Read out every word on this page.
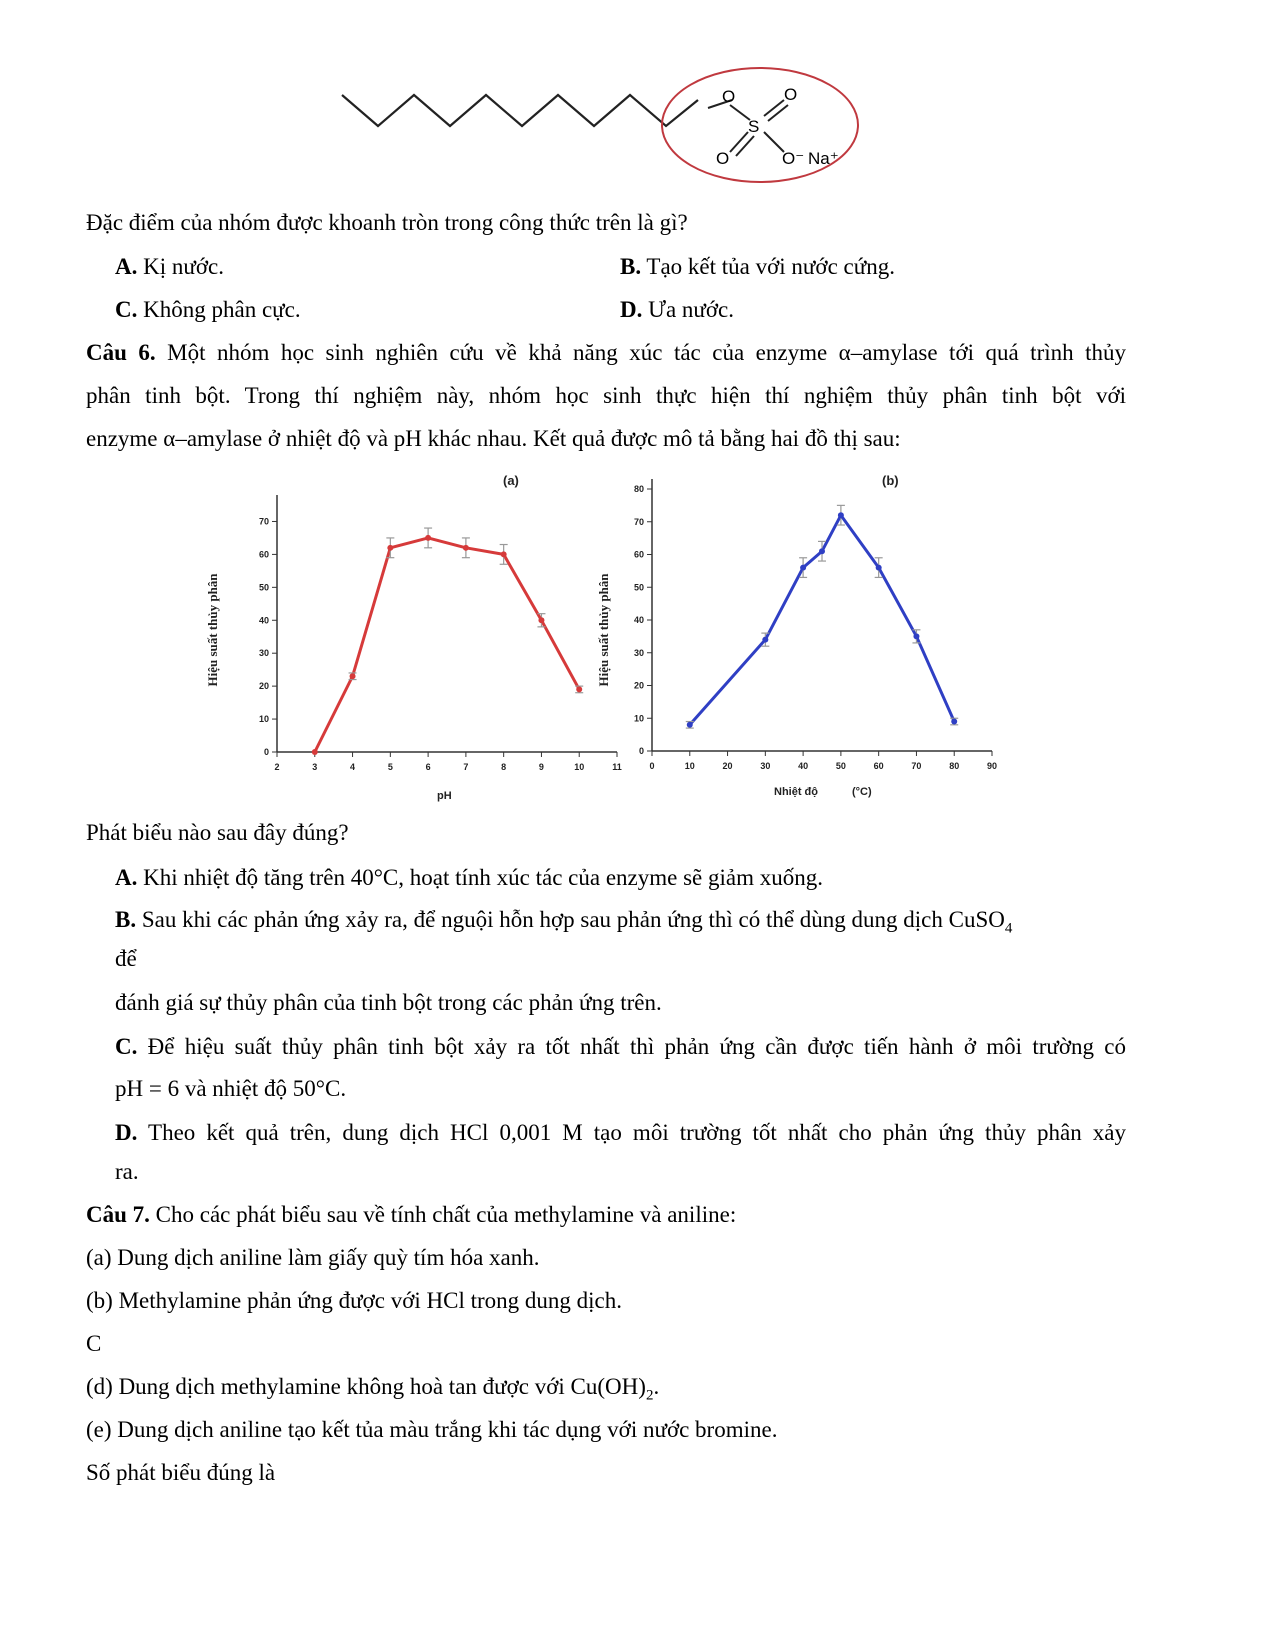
O	O
S
O	O⁻ Na⁺
Đặc điểm của nhóm được khoanh tròn trong công thức trên là gì?
A. Kị nước.	B. Tạo kết tủa với nước cứng.
C. Không phân cực.	D. Ưa nước.
Câu 6. Một nhóm học sinh nghiên cứu về khả năng xúc tác của enzyme α–amylase tới quá trình thủy
phân tinh bột. Trong thí nghiệm này, nhóm học sinh thực hiện thí nghiệm thủy phân tinh bột với
enzyme α–amylase ở nhiệt độ và pH khác nhau. Kết quả được mô tả bằng hai đồ thị sau:
0
10
20
30
40
50
60
70
2	3	4	5	6	7	8	9	10	11
(a)
pH
Hiệu suất thủy phân
0
10
20
30
40
50
60
70
80
0	10	20	30	40	50	60	70	80	90
(b)
Nhiệt độ	(°C)
Hiệu suất thủy phân
Phát biểu nào sau đây đúng?
A. Khi nhiệt độ tăng trên 40°C, hoạt tính xúc tác của enzyme sẽ giảm xuống.
B. Sau khi các phản ứng xảy ra, để nguội hỗn hợp sau phản ứng thì có thể dùng dung dịch CuSO$_4$
để
đánh giá sự thủy phân của tinh bột trong các phản ứng trên.
C. Để hiệu suất thủy phân tinh bột xảy ra tốt nhất thì phản ứng cần được tiến hành ở môi trường có
pH = 6 và nhiệt độ 50°C.
D. Theo kết quả trên, dung dịch HCl 0,001 M tạo môi trường tốt nhất cho phản ứng thủy phân xảy
ra.
Câu 7. Cho các phát biểu sau về tính chất của methylamine và aniline:
(a) Dung dịch aniline làm giấy quỳ tím hóa xanh.
(b) Methylamine phản ứng được với HCl trong dung dịch.
C
(d) Dung dịch methylamine không hoà tan được với $Cu(OH)_2$.
(e) Dung dịch aniline tạo kết tủa màu trắng khi tác dụng với nước bromine.
Số phát biểu đúng là
